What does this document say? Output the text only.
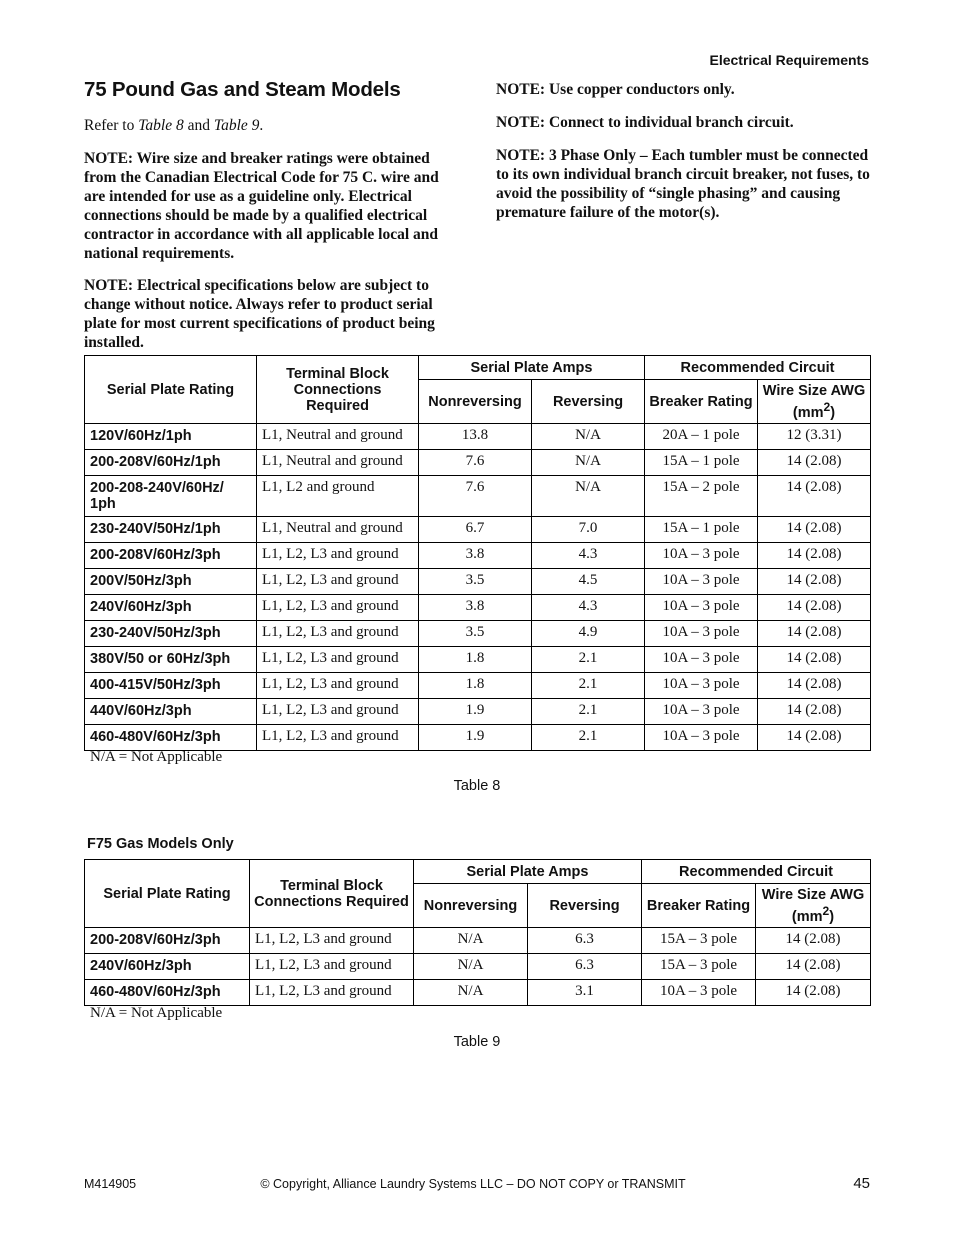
Electrical Requirements
75 Pound Gas and Steam Models

Refer to Table 8 and Table 9.

NOTE: Wire size and breaker ratings were obtained from the Canadian Electrical Code for 75 C. wire and are intended for use as a guideline only. Electrical connections should be made by a qualified electrical contractor in accordance with all applicable local and national requirements.

NOTE: Electrical specifications below are subject to change without notice. Always refer to product serial plate for most current specifications of product being installed.

NOTE: Use copper conductors only.

NOTE: Connect to individual branch circuit.

NOTE: 3 Phase Only – Each tumbler must be connected to its own individual branch circuit breaker, not fuses, to avoid the possibility of “single phasing” and causing premature failure of the motor(s).

Serial Plate Rating	Terminal Block Connections Required	Serial Plate Amps		Recommended Circuit	
		Nonreversing	Reversing	Breaker Rating	Wire Size AWG $(mm^2)$
120V/60Hz/1ph	L1, Neutral and ground	13.8	N/A	20A – 1 pole	12 (3.31)
200-208V/60Hz/1ph	L1, Neutral and ground	7.6	N/A	15A – 1 pole	14 (2.08)
200-208-240V/60Hz/ 1ph	L1, L2 and ground	7.6	N/A	15A – 2 pole	14 (2.08)
230-240V/50Hz/1ph	L1, Neutral and ground	6.7	7.0	15A – 1 pole	14 (2.08)
200-208V/60Hz/3ph	L1, L2, L3 and ground	3.8	4.3	10A – 3 pole	14 (2.08)
200V/50Hz/3ph	L1, L2, L3 and ground	3.5	4.5	10A – 3 pole	14 (2.08)
240V/60Hz/3ph	L1, L2, L3 and ground	3.8	4.3	10A – 3 pole	14 (2.08)
230-240V/50Hz/3ph	L1, L2, L3 and ground	3.5	4.9	10A – 3 pole	14 (2.08)
380V/50 or 60Hz/3ph	L1, L2, L3 and ground	1.8	2.1	10A – 3 pole	14 (2.08)
400-415V/50Hz/3ph	L1, L2, L3 and ground	1.8	2.1	10A – 3 pole	14 (2.08)
440V/60Hz/3ph	L1, L2, L3 and ground	1.9	2.1	10A – 3 pole	14 (2.08)
460-480V/60Hz/3ph	L1, L2, L3 and ground	1.9	2.1	10A – 3 pole	14 (2.08)
N/A = Not Applicable
Table 8
F75 Gas Models Only
Serial Plate Rating	Terminal Block Connections Required	Serial Plate Amps		Recommended Circuit	
		Nonreversing	Reversing	Breaker Rating	Wire Size AWG $(mm^2)$
200-208V/60Hz/3ph	L1, L2, L3 and ground	N/A	6.3	15A – 3 pole	14 (2.08)
240V/60Hz/3ph	L1, L2, L3 and ground	N/A	6.3	15A – 3 pole	14 (2.08)
460-480V/60Hz/3ph	L1, L2, L3 and ground	N/A	3.1	10A – 3 pole	14 (2.08)
N/A = Not Applicable
Table 9
M414905	© Copyright, Alliance Laundry Systems LLC – DO NOT COPY or TRANSMIT	45
